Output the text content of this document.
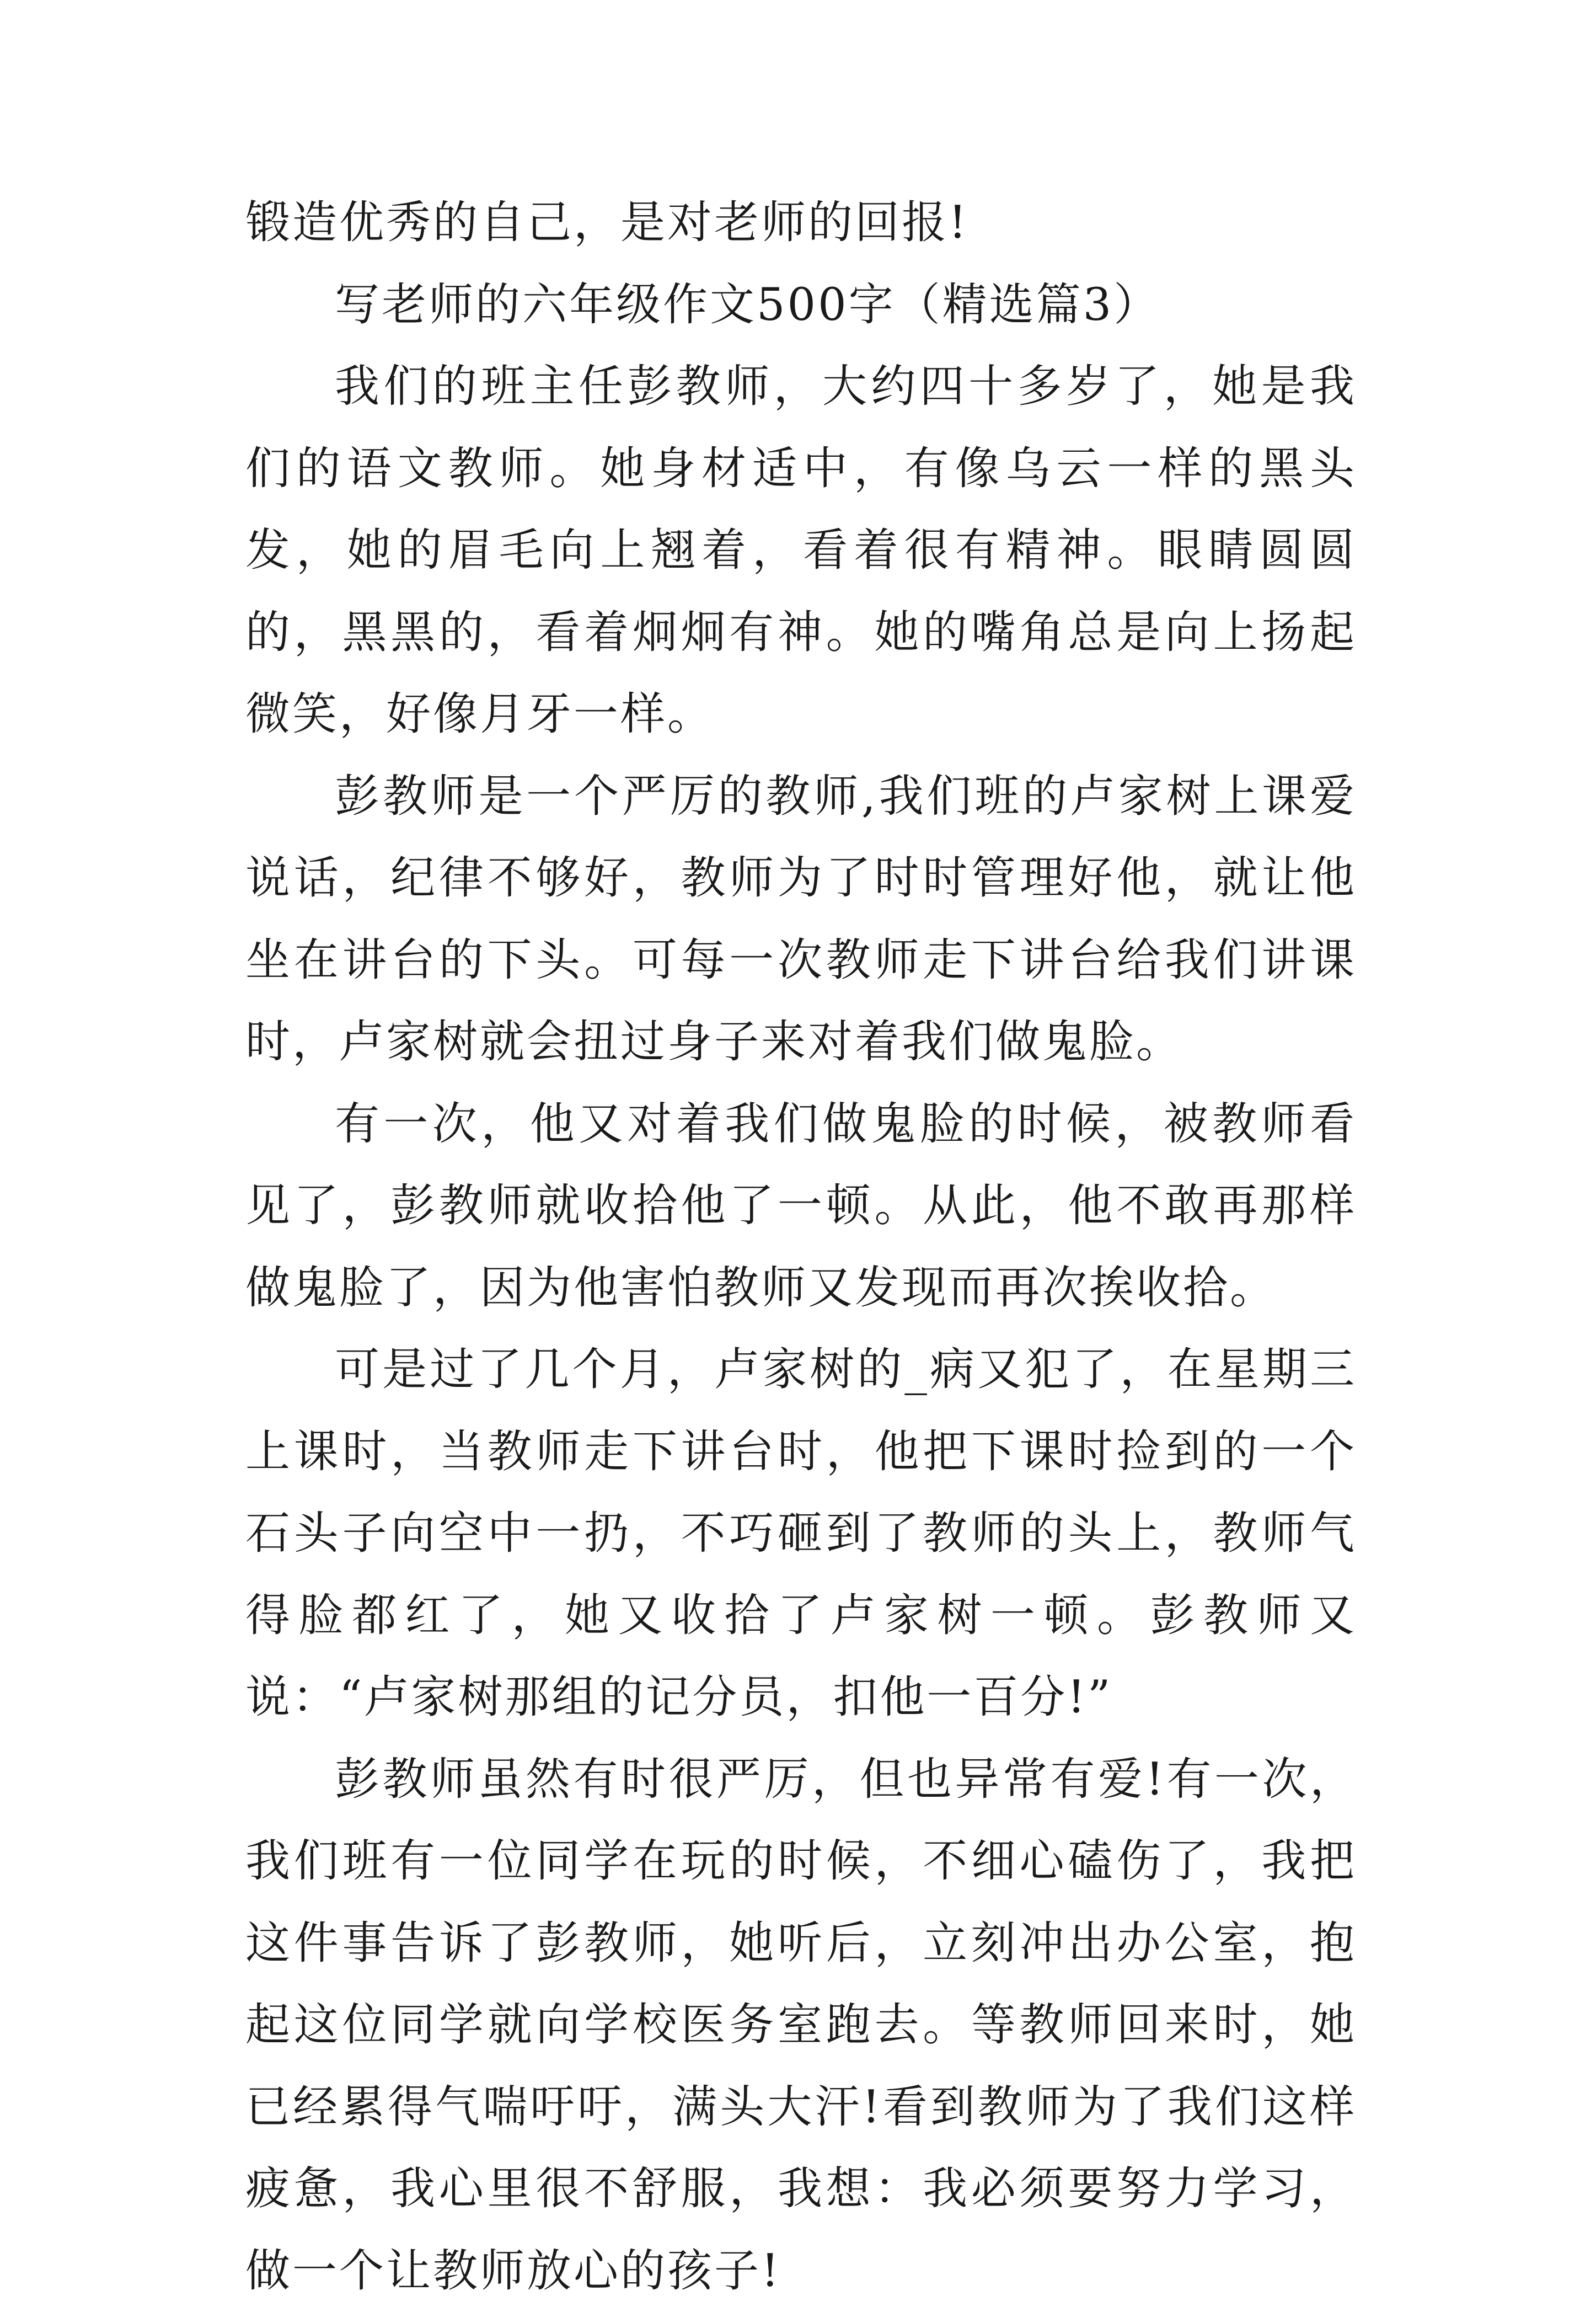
锻造优秀的自己，是对老师的回报!

写老师的六年级作文500字（精选篇3）

我们的班主任彭教师，大约四十多岁了，她是我们的语文教师。她身材适中，有像乌云一样的黑头发，她的眉毛向上翘着，看着很有精神。眼睛圆圆的，黑黑的，看着炯炯有神。她的嘴角总是向上扬起微笑，好像月牙一样。

彭教师是一个严厉的教师,我们班的卢家树上课爱说话，纪律不够好，教师为了时时管理好他，就让他坐在讲台的下头。可每一次教师走下讲台给我们讲课时，卢家树就会扭过身子来对着我们做鬼脸。

有一次，他又对着我们做鬼脸的时候，被教师看见了，彭教师就收拾他了一顿。从此，他不敢再那样做鬼脸了，因为他害怕教师又发现而再次挨收拾。

可是过了几个月，卢家树的_病又犯了，在星期三上课时，当教师走下讲台时，他把下课时捡到的一个石头子向空中一扔，不巧砸到了教师的头上，教师气得脸都红了，她又收拾了卢家树一顿。彭教师又说：“卢家树那组的记分员，扣他一百分!”

彭教师虽然有时很严厉，但也异常有爱!有一次，我们班有一位同学在玩的时候，不细心磕伤了，我把这件事告诉了彭教师，她听后，立刻冲出办公室，抱起这位同学就向学校医务室跑去。等教师回来时，她已经累得气喘吁吁，满头大汗!看到教师为了我们这样疲惫，我心里很不舒服，我想：我必须要努力学习，做一个让教师放心的孩子!
